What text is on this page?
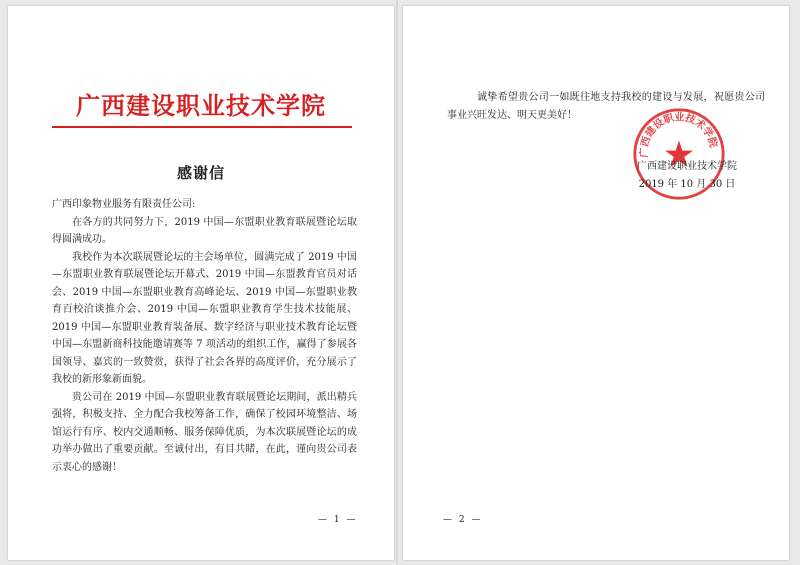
广西建设职业技术学院
感谢信

广西印象物业服务有限责任公司:

在各方的共同努力下，2019 中国—东盟职业教育联展暨论坛取得圆满成功。

我校作为本次联展暨论坛的主会场单位，圆满完成了 2019 中国—东盟职业教育联展暨论坛开幕式、2019 中国—东盟教育官员对话会、2019 中国—东盟职业教育高峰论坛、2019 中国—东盟职业教育百校洽谈推介会、2019 中国—东盟职业教育学生技术技能展、2019 中国—东盟职业教育装备展、数字经济与职业技术教育论坛暨中国—东盟新商科技能邀请赛等 7 项活动的组织工作，赢得了参展各国领导、嘉宾的一致赞赏，获得了社会各界的高度评价，充分展示了我校的新形象新面貌。

贵公司在 2019 中国—东盟职业教育联展暨论坛期间，派出精兵强将，积极支持、全力配合我校筹备工作，确保了校园环境整洁、场馆运行有序、校内交通顺畅、服务保障优质，为本次联展暨论坛的成功举办做出了重要贡献。至诚付出，有目共睹，在此，谨向贵公司表示衷心的感谢！

— 1 —

诚挚希望贵公司一如既往地支持我校的建设与发展，祝愿贵公司事业兴旺发达、明天更美好！

广西建设职业技术学院
广西建设职业技术学院
2019 年 10 月 30 日
— 2 —
